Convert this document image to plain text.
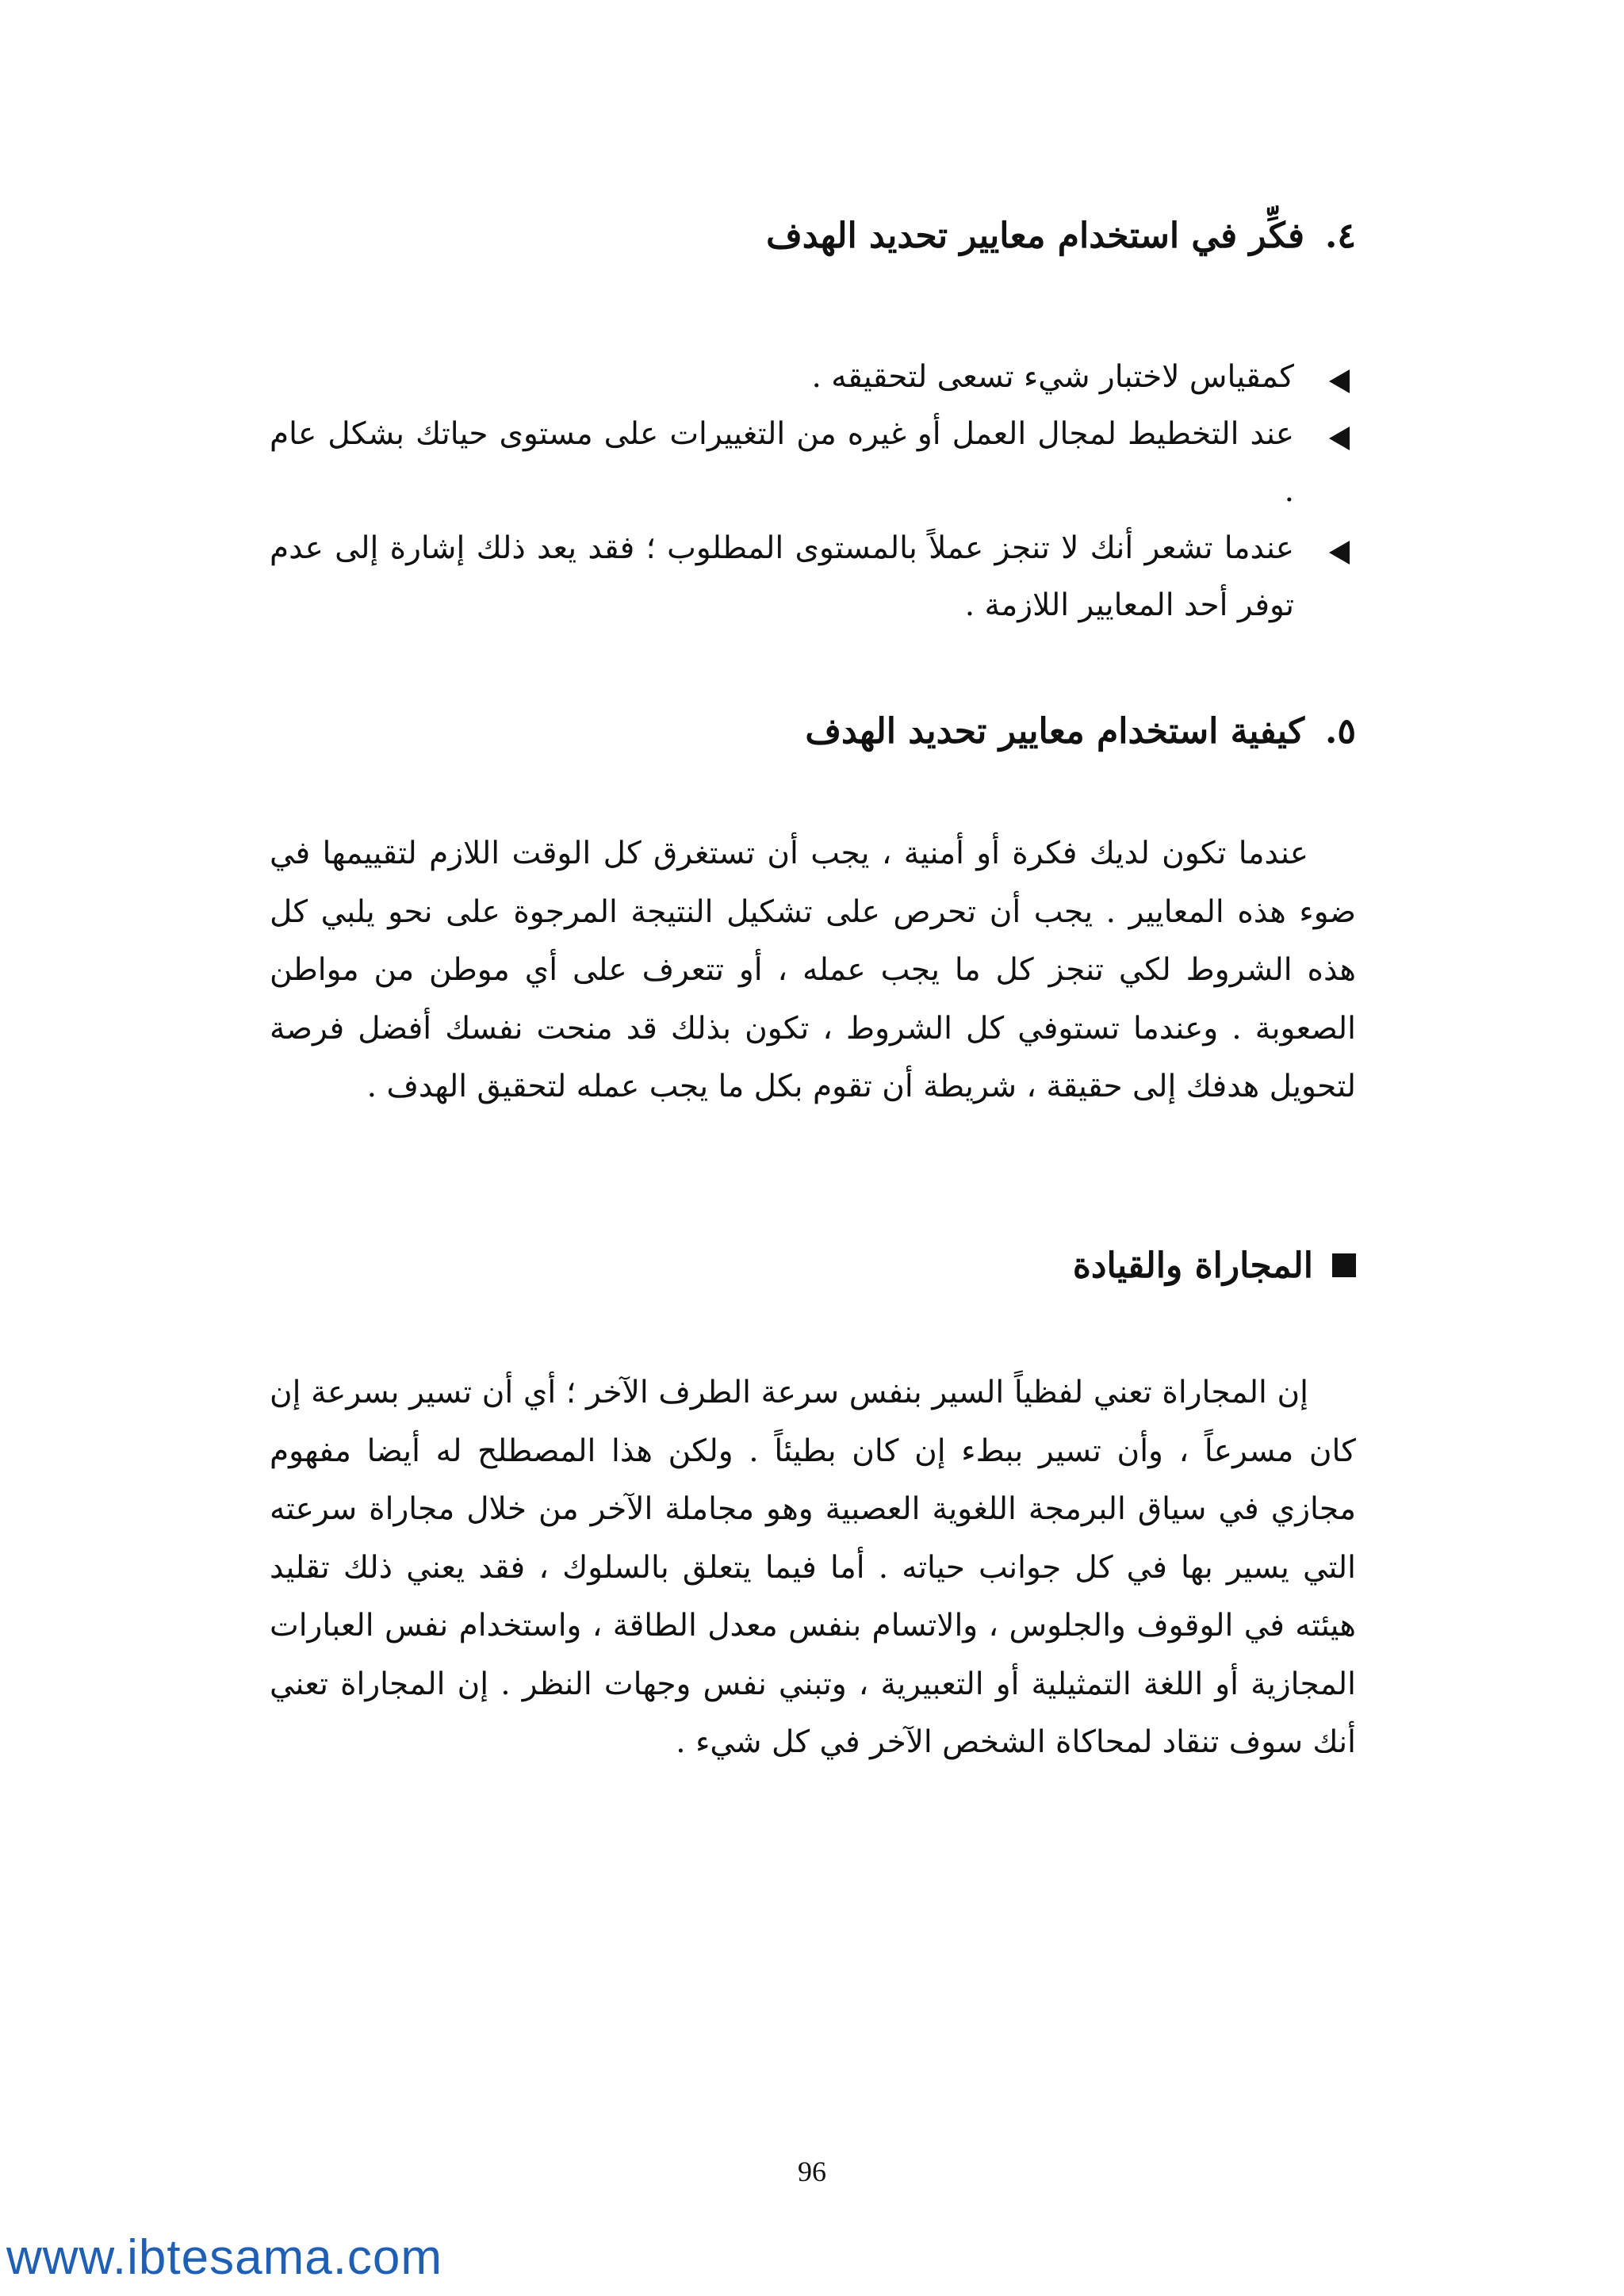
٤.فكِّر في استخدام معايير تحديد الهدف
كمقياس لاختبار شيء تسعى لتحقيقه .
عند التخطيط لمجال العمل أو غيره من التغييرات على مستوى حياتك بشكل عام .
عندما تشعر أنك لا تنجز عملاً بالمستوى المطلوب ؛ فقد يعد ذلك إشارة إلى عدم توفر أحد المعايير اللازمة .
٥.كيفية استخدام معايير تحديد الهدف

عندما تكون لديك فكرة أو أمنية ، يجب أن تستغرق كل الوقت اللازم لتقييمها في ضوء هذه المعايير . يجب أن تحرص على تشكيل النتيجة المرجوة على نحو يلبي كل هذه الشروط لكي تنجز كل ما يجب عمله ، أو تتعرف على أي موطن من مواطن الصعوبة . وعندما تستوفي كل الشروط ، تكون بذلك قد منحت نفسك أفضل فرصة لتحويل هدفك إلى حقيقة ، شريطة أن تقوم بكل ما يجب عمله لتحقيق الهدف .

المجاراة والقيادة

إن المجاراة تعني لفظياً السير بنفس سرعة الطرف الآخر ؛ أي أن تسير بسرعة إن كان مسرعاً ، وأن تسير ببطء إن كان بطيئاً . ولكن هذا المصطلح له أيضا مفهوم مجازي في سياق البرمجة اللغوية العصبية وهو مجاملة الآخر من خلال مجاراة سرعته التي يسير بها في كل جوانب حياته . أما فيما يتعلق بالسلوك ، فقد يعني ذلك تقليد هيئته في الوقوف والجلوس ، والاتسام بنفس معدل الطاقة ، واستخدام نفس العبارات المجازية أو اللغة التمثيلية أو التعبيرية ، وتبني نفس وجهات النظر . إن المجاراة تعني أنك سوف تنقاد لمحاكاة الشخص الآخر في كل شيء .

96
www.ibtesama.com
